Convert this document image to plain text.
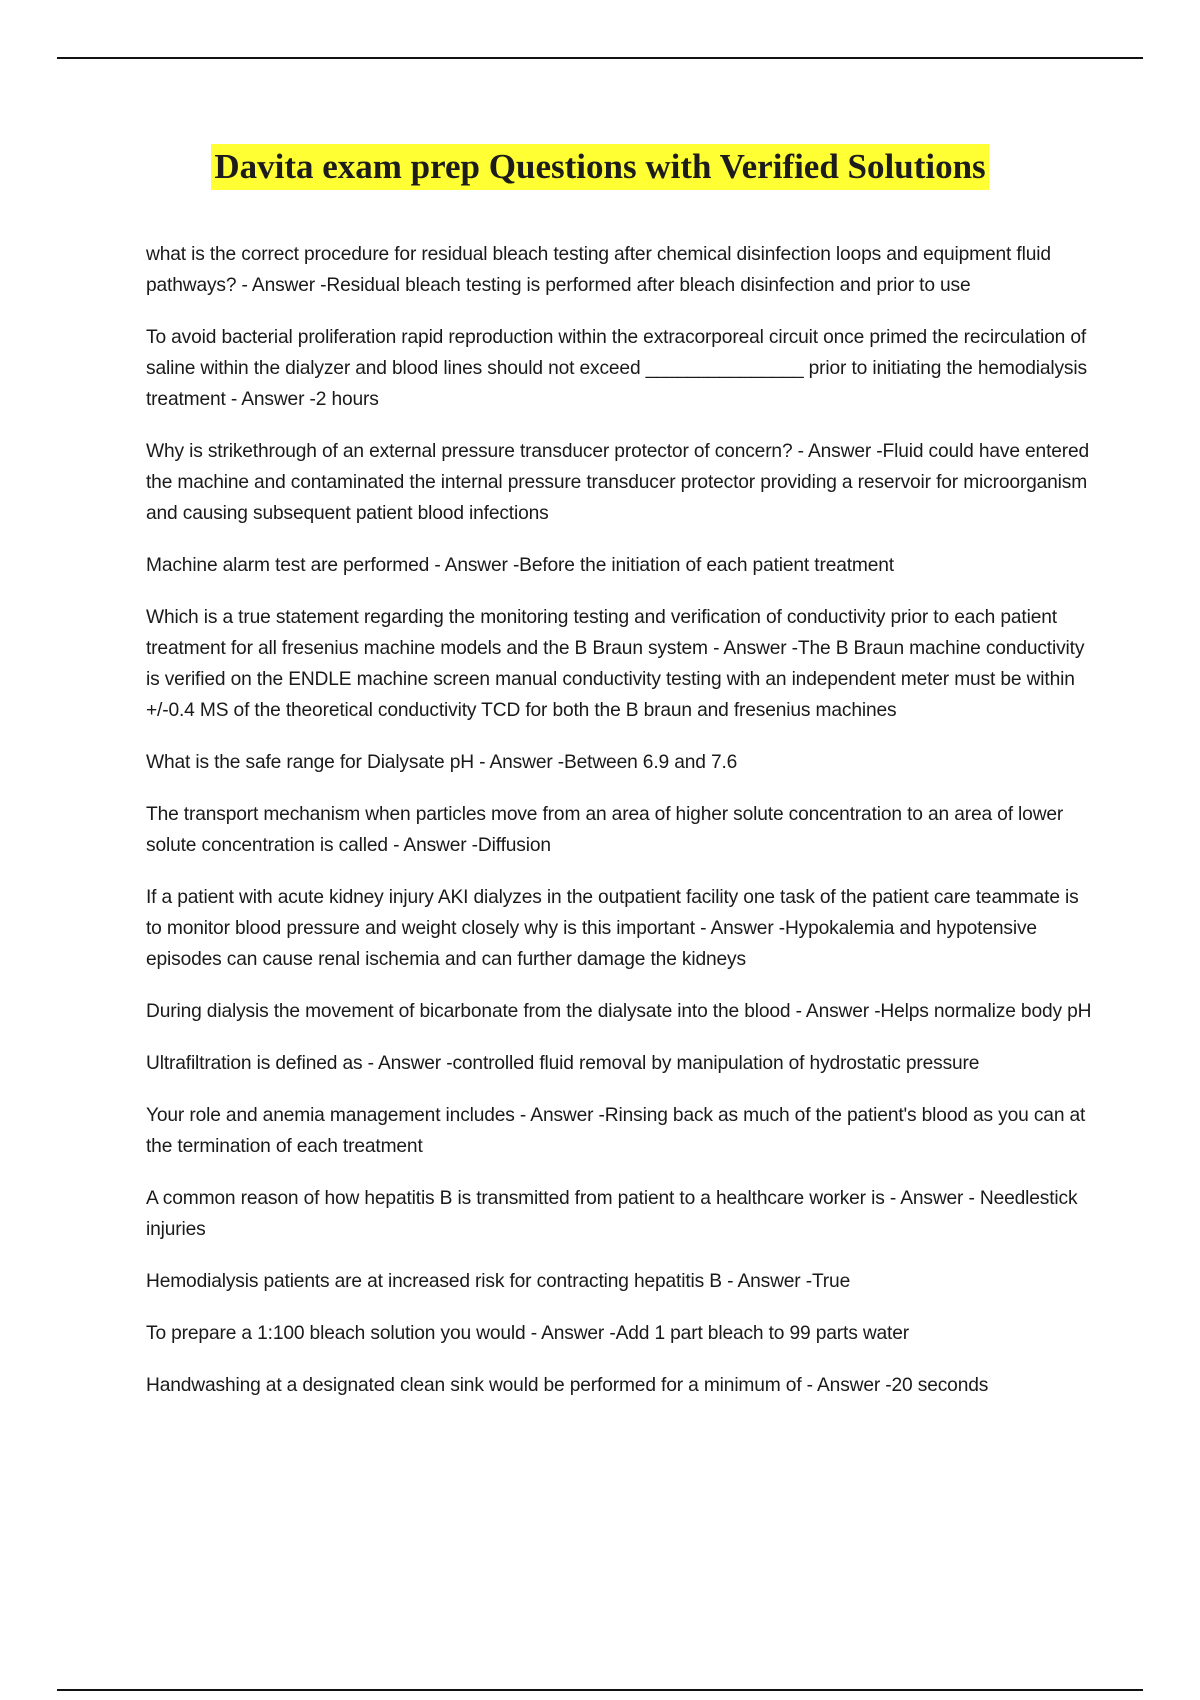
Davita exam prep Questions with Verified Solutions
what is the correct procedure for residual bleach testing after chemical disinfection loops and equipment fluid pathways? - Answer -Residual bleach testing is performed after bleach disinfection and prior to use
To avoid bacterial proliferation rapid reproduction within the extracorporeal circuit once primed the recirculation of saline within the dialyzer and blood lines should not exceed _______________ prior to initiating the hemodialysis treatment - Answer -2 hours
Why is strikethrough of an external pressure transducer protector of concern? - Answer -Fluid could have entered the machine and contaminated the internal pressure transducer protector providing a reservoir for microorganism and causing subsequent patient blood infections
Machine alarm test are performed - Answer -Before the initiation of each patient treatment
Which is a true statement regarding the monitoring testing and verification of conductivity prior to each patient treatment for all fresenius machine models and the B Braun system - Answer -The B Braun machine conductivity is verified on the ENDLE machine screen manual conductivity testing with an independent meter must be within +/-0.4 MS of the theoretical conductivity TCD for both the B braun and fresenius machines
What is the safe range for Dialysate pH - Answer -Between 6.9 and 7.6
The transport mechanism when particles move from an area of higher solute concentration to an area of lower solute concentration is called - Answer -Diffusion
If a patient with acute kidney injury AKI dialyzes in the outpatient facility one task of the patient care teammate is to monitor blood pressure and weight closely why is this important - Answer -Hypokalemia and hypotensive episodes can cause renal ischemia and can further damage the kidneys
During dialysis the movement of bicarbonate from the dialysate into the blood - Answer -Helps normalize body pH
Ultrafiltration is defined as - Answer -controlled fluid removal by manipulation of hydrostatic pressure
Your role and anemia management includes - Answer -Rinsing back as much of the patient's blood as you can at the termination of each treatment
A common reason of how hepatitis B is transmitted from patient to a healthcare worker is - Answer - Needlestick injuries
Hemodialysis patients are at increased risk for contracting hepatitis B - Answer -True
To prepare a 1:100 bleach solution you would - Answer -Add 1 part bleach to 99 parts water
Handwashing at a designated clean sink would be performed for a minimum of - Answer -20 seconds
